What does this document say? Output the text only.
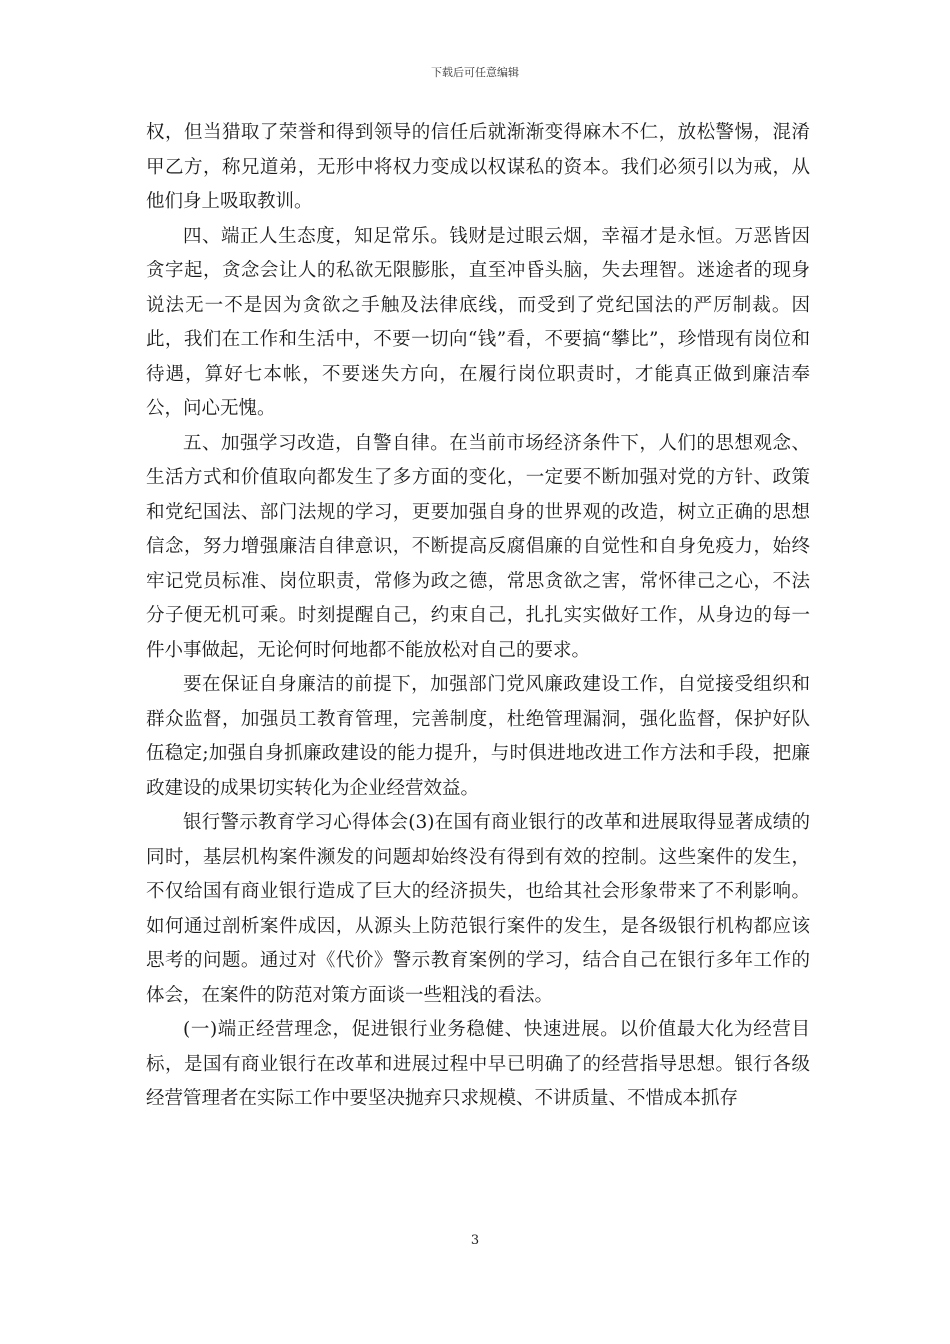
下载后可任意编辑

权，但当猎取了荣誉和得到领导的信任后就渐渐变得麻木不仁，放松警惕，混淆甲乙方，称兄道弟，无形中将权力变成以权谋私的资本。我们必须引以为戒，从他们身上吸取教训。

四、端正人生态度，知足常乐。钱财是过眼云烟，幸福才是永恒。万恶皆因贪字起，贪念会让人的私欲无限膨胀，直至冲昏头脑，失去理智。迷途者的现身说法无一不是因为贪欲之手触及法律底线，而受到了党纪国法的严厉制裁。因此，我们在工作和生活中，不要一切向“钱”看，不要搞“攀比”，珍惜现有岗位和待遇，算好七本帐，不要迷失方向，在履行岗位职责时，才能真正做到廉洁奉公，问心无愧。

五、加强学习改造，自警自律。在当前市场经济条件下，人们的思想观念、生活方式和价值取向都发生了多方面的变化，一定要不断加强对党的方针、政策和党纪国法、部门法规的学习，更要加强自身的世界观的改造，树立正确的思想信念，努力增强廉洁自律意识，不断提高反腐倡廉的自觉性和自身免疫力，始终牢记党员标准、岗位职责，常修为政之德，常思贪欲之害，常怀律己之心，不法分子便无机可乘。时刻提醒自己，约束自己，扎扎实实做好工作，从身边的每一件小事做起，无论何时何地都不能放松对自己的要求。

要在保证自身廉洁的前提下，加强部门党风廉政建设工作，自觉接受组织和群众监督，加强员工教育管理，完善制度，杜绝管理漏洞，强化监督，保护好队伍稳定;加强自身抓廉政建设的能力提升，与时俱进地改进工作方法和手段，把廉政建设的成果切实转化为企业经营效益。

银行警示教育学习心得体会(3)在国有商业银行的改革和进展取得显著成绩的同时，基层机构案件濒发的问题却始终没有得到有效的控制。这些案件的发生，不仅给国有商业银行造成了巨大的经济损失，也给其社会形象带来了不利影响。如何通过剖析案件成因，从源头上防范银行案件的发生，是各级银行机构都应该思考的问题。通过对《代价》警示教育案例的学习，结合自己在银行多年工作的体会，在案件的防范对策方面谈一些粗浅的看法。

(一)端正经营理念，促进银行业务稳健、快速进展。以价值最大化为经营目标，是国有商业银行在改革和进展过程中早已明确了的经营指导思想。银行各级经营管理者在实际工作中要坚决抛弃只求规模、不讲质量、不惜成本抓存

3
